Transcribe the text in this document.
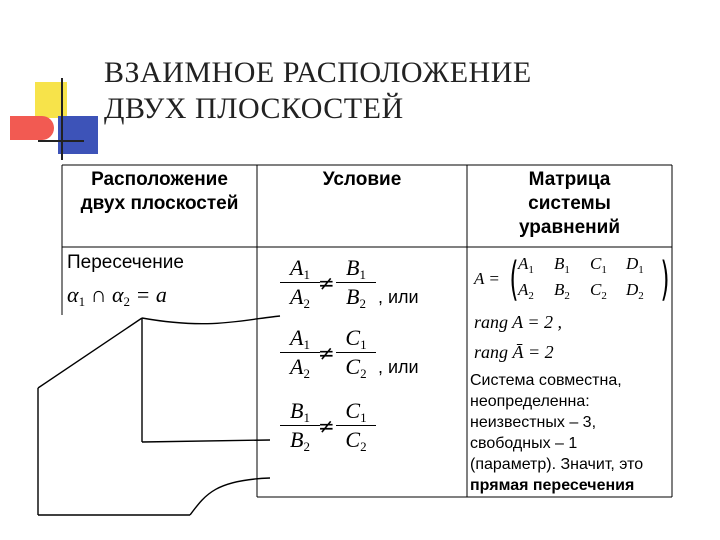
ВЗАИМНОЕ РАСПОЛОЖЕНИЕ
ДВУХ ПЛОСКОСТЕЙ
Расположение
двух плоскостей
Условие	Матрица
системы
уравнений
Пересечение
$\alpha_1$ ∩ $\alpha_2 = a$
$A_1$
$A_2$
≠
$B_1$
$B_2$ , или
$A_1$
$A_2$
≠
$C_1$
$C_2$ , или
$B_1$
$B_2$
≠
$C_1$
$C_2$
A = ( $A_1$ $B_1$ $C_1$ $D_1$
$A_2$ $B_2$ $C_2$ $D_2$ )
rang A = 2 ,
rang Ā = 2
Система совместна,
неопределенна:
неизвестных – 3,
свободных – 1
(параметр). Значит, это
прямая пересечения
